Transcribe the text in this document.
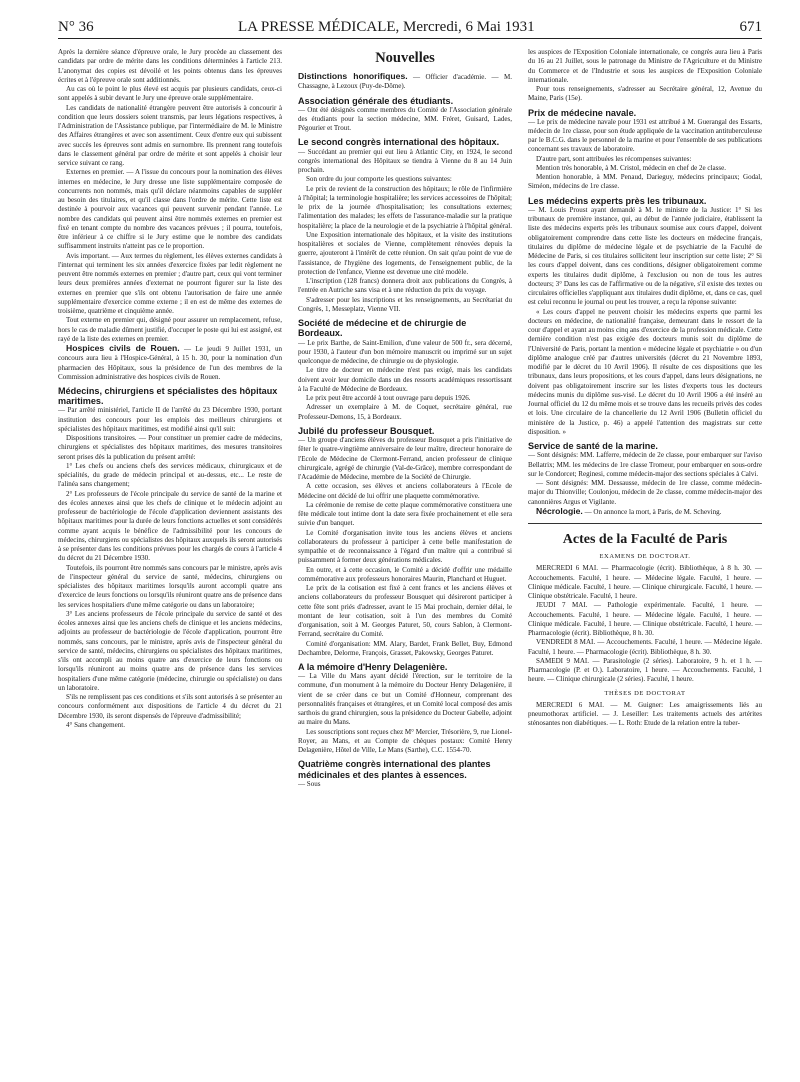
N° 36	LA PRESSE MÉDICALE, Mercredi, 6 Mai 1931	671

Après la dernière séance d'épreuve orale, le Jury procède au classement des candidats par ordre de mérite dans les conditions déterminées à l'article 213. L'anonymat des copies est dévoilé et les points obtenus dans les épreuves écrites et à l'épreuve orale sont additionnés.

Au cas où le point le plus élevé est acquis par plusieurs candidats, ceux-ci sont appelés à subir devant le Jury une épreuve orale supplémentaire.

Les candidats de nationalité étrangère peuvent être autorisés à concourir à condition que leurs dossiers soient transmis, par leurs légations respectives, à l'Administration de l'Assistance publique, par l'intermédiaire de M. le Ministre des Affaires étrangères et avec son assentiment. Ceux d'entre eux qui subissent avec succès les épreuves sont admis en surnombre. Ils prennent rang toutefois dans le classement général par ordre de mérite et sont appelés à choisir leur service suivant ce rang.

Externes en premier. — A l'issue du concours pour la nomination des élèves internes en médecine, le Jury dresse une liste supplémentaire composée de concurrents non nommés, mais qu'il déclare néanmoins capables de suppléer au besoin des titulaires, et qu'il classe dans l'ordre de mérite. Cette liste est destinée à pourvoir aux vacances qui peuvent survenir pendant l'année. Le nombre des candidats qui peuvent ainsi être nommés externes en premier est fixé en tenant compte du nombre des vacances prévues ; il pourra, toutefois, être inférieur à ce chiffre si le Jury estime que le nombre des candidats suffisamment instruits n'atteint pas ce le proportion.

Avis important. — Aux termes du règlement, les élèves externes candidats à l'internat qui terminent les six années d'exercice fixées par ledit règlement ne peuvent être nommés externes en premier ; d'autre part, ceux qui vont terminer leurs deux premières années d'externat ne pourront figurer sur la liste des externes en premier que s'ils ont obtenu l'autorisation de faire une année supplémentaire d'exercice comme externe ; il en est de même des externes de troisième, quatrième et cinquième année.

Tout externe en premier qui, désigné pour assurer un remplacement, refuse, hors le cas de maladie dûment justifié, d'occuper le poste qui lui est assigné, est rayé de la liste des externes en premier.

Hospices civils de Rouen. — Le jeudi 9 Juillet 1931, un concours aura lieu à l'Hospice-Général, à 15 h. 30, pour la nomination d'un pharmacien des Hôpitaux, sous la présidence de l'un des membres de la Commission administrative des hospices civils de Rouen.

Médecins, chirurgiens et spécialistes des hôpitaux maritimes.

— Par arrêté ministériel, l'article II de l'arrêté du 23 Décembre 1930, portant institution des concours pour les emplois des meilleurs chirurgiens et spécialistes des hôpitaux maritimes, est modifié ainsi qu'il suit:

Dispositions transitoires. — Pour constituer un premier cadre de médecins, chirurgiens et spécialistes des hôpitaux maritimes, des mesures transitoires seront prises dès la publication du présent arrêté:

1° Les chefs ou anciens chefs des services médicaux, chirurgicaux et de spécialités, du grade de médecin principal et au-dessus, etc... Le reste de l'alinéa sans changement;

2° Les professeurs de l'école principale du service de santé de la marine et des écoles annexes ainsi que les chefs de clinique et le médecin adjoint au professeur de bactériologie de l'école d'application deviennent assistants des hôpitaux maritimes pour la durée de leurs fonctions actuelles et sont considérés comme ayant acquis le bénéfice de l'admissibilité pour les concours de médecins, chirurgiens ou spécialistes des hôpitaux auxquels ils seront autorisés à se présenter dans les conditions prévues pour les chargés de cours à l'article 4 du décret du 21 Décembre 1930.

Toutefois, ils pourront être nommés sans concours par le ministre, après avis de l'inspecteur général du service de santé, médecins, chirurgiens ou spécialistes des hôpitaux maritimes lorsqu'ils auront accompli quatre ans d'exercice de leurs fonctions ou lorsqu'ils réuniront quatre ans de présence dans les services hospitaliers d'une même catégorie ou dans un laboratoire;

3° Les anciens professeurs de l'école principale du service de santé et des écoles annexes ainsi que les anciens chefs de clinique et les anciens médecins, adjoints au professeur de bactériologie de l'école d'application, pourront être nommés, sans concours, par le ministre, après avis de l'inspecteur général du service de santé, médecins, chirurgiens ou spécialistes des hôpitaux maritimes, s'ils ont accompli au moins quatre ans d'exercice de leurs fonctions ou lorsqu'ils réuniront au moins quatre ans de présence dans les services hospitaliers d'une même catégorie (médecine, chirurgie ou spécialiste) ou dans un laboratoire.

S'ils ne remplissent pas ces conditions et s'ils sont autorisés à se présenter au concours conformément aux dispositions de l'article 4 du décret du 21 Décembre 1930, ils seront dispensés de l'épreuve d'admissibilité;

4° Sans changement.

Nouvelles

Distinctions honorifiques. — Officier d'académie. — M. Chassagne, à Lezoux (Puy-de-Dôme).

Association générale des étudiants.

— Ont été désignés comme membres du Comité de l'Association générale des étudiants pour la section médecine, MM. Fréret, Guisard, Lades, Pégourier et Trout.

Le second congrès international des hôpitaux.

— Succédant au premier qui eut lieu à Atlantic City, en 1924, le second congrès international des Hôpitaux se tiendra à Vienne du 8 au 14 Juin prochain.

Son ordre du jour comporte les questions suivantes:

Le prix de revient de la construction des hôpitaux; le rôle de l'infirmière à l'hôpital; la terminologie hospitalière; les services accessoires de l'hôpital; le prix de la journée d'hospitalisation; les consultations externes; l'alimentation des malades; les effets de l'assurance-maladie sur la pratique hospitalière; la place de la neurologie et de la psychiatrie à l'hôpital général.

Une Exposition internationale des hôpitaux, et la visite des institutions hospitalières et sociales de Vienne, complètement rénovées depuis la guerre, ajouteront à l'intérêt de cette réunion. On sait qu'au point de vue de l'assistance, de l'hygiène des logements, de l'enseignement public, de la protection de l'enfance, Vienne est devenue une cité modèle.

L'inscription (128 francs) donnera droit aux publications du Congrès, à l'entrée en Autriche sans visa et à une réduction du prix du voyage.

S'adresser pour les inscriptions et les renseignements, au Secrétariat du Congrès, 1, Messeplatz, Vienne VII.

Société de médecine et de chirurgie de Bordeaux.

— Le prix Barthe, de Saint-Emilion, d'une valeur de 500 fr., sera décerné, pour 1930, à l'auteur d'un bon mémoire manuscrit ou imprimé sur un sujet quelconque de médecine, de chirurgie ou de physiologie.

Le titre de docteur en médecine n'est pas exigé, mais les candidats doivent avoir leur domicile dans un des ressorts académiques ressortissant à la Faculté de Médecine de Bordeaux.

Le prix peut être accordé à tout ouvrage paru depuis 1926.

Adresser un exemplaire à M. de Coquet, secrétaire général, rue Professeur-Demons, 15, à Bordeaux.

Jubilé du professeur Bousquet.

— Un groupe d'anciens élèves du professeur Bousquet a pris l'initiative de fêter le quatre-vingtième anniversaire de leur maître, directeur honoraire de l'Ecole de Médecine de Clermont-Ferrand, ancien professeur de clinique chirurgicale, agrégé de chirurgie (Val-de-Grâce), membre correspondant de l'Académie de Médecine, membre de la Société de Chirurgie.

A cette occasion, ses élèves et anciens collaborateurs à l'Ecole de Médecine ont décidé de lui offrir une plaquette commémorative.

La cérémonie de remise de cette plaque commémorative constituera une fête médicale tout intime dont la date sera fixée prochainement et elle sera suivie d'un banquet.

Le Comité d'organisation invite tous les anciens élèves et anciens collaborateurs du professeur à participer à cette belle manifestation de sympathie et de reconnaissance à l'égard d'un maître qui a contribué si puissamment à former deux générations médicales.

En outre, et à cette occasion, le Comité a décidé d'offrir une médaille commémorative aux professeurs honoraires Maurin, Planchard et Huguet.

Le prix de la cotisation est fixé à cent francs et les anciens élèves et anciens collaborateurs du professeur Bousquet qui désireront participer à cette fête sont priés d'adresser, avant le 15 Mai prochain, dernier délai, le montant de leur cotisation, soit à l'un des membres du Comité d'organisation, soit à M. Georges Paturet, 50, cours Sablon, à Clermont-Ferrand, secrétaire du Comité.

Comité d'organisation: MM. Alary, Bardet, Frank Bellet, Buy, Edmond Dechambre, Delorme, François, Grasset, Pakowsky, Georges Paturet.

A la mémoire d'Henry Delagenière.

— La Ville du Mans ayant décidé l'érection, sur le territoire de la commune, d'un monument à la mémoire du Docteur Henry Delagenière, il vient de se créer dans ce but un Comité d'Honneur, comprenant des personnalités françaises et étrangères, et un Comité local composé des amis sarthois du grand chirurgien, sous la présidence du Docteur Gabelle, adjoint au maire du Mans.

Les souscriptions sont reçues chez M° Mercier, Trésorière, 9, rue Lionel-Royer, au Mans, et au Compte de chèques postaux: Comité Henry Delagenière, Hôtel de Ville, Le Mans (Sarthe), C.C. 1554-70.

Quatrième congrès international des plantes médicinales et des plantes à essences.

— Sous

les auspices de l'Exposition Coloniale internationale, ce congrès aura lieu à Paris du 16 au 21 Juillet, sous le patronage du Ministre de l'Agriculture et du Ministre du Commerce et de l'Industrie et sous les auspices de l'Exposition Coloniale internationale.

Pour tous renseignements, s'adresser au Secrétaire général, 12, Avenue du Maine, Paris (15e).

Prix de médecine navale.

— Le prix de médecine navale pour 1931 est attribué à M. Guerangal des Essarts, médecin de 1re classe, pour son étude appliquée de la vaccination antituberculeuse par le B.C.G. dans le personnel de la marine et pour l'ensemble de ses publications concernant ses travaux de laboratoire.

D'autre part, sont attribuées les récompenses suivantes:

Mention très honorable, à M. Cristol, médecin en chef de 2e classe.

Mention honorable, à MM. Penaud, Darieguy, médecins principaux; Godal, Siméon, médecins de 1re classe.

Les médecins experts près les tribunaux.

— M. Louis Proust ayant demandé à M. le ministre de la Justice: 1° Si les tribunaux de première instance, qui, au début de l'année judiciaire, établissent la liste des médecins experts près les tribunaux soumise aux cours d'appel, doivent obligatoirement comprendre dans cette liste les docteurs en médecine français, titulaires du diplôme de médecine légale et de psychiatrie de la Faculté de Médecine de Paris, si ces titulaires sollicitent leur inscription sur cette liste; 2° Si les cours d'appel doivent, dans ces conditions, désigner obligatoirement comme experts les titulaires dudit diplôme, à l'exclusion ou non de tous les autres docteurs; 3° Dans les cas de l'affirmative ou de la négative, s'il existe des textes ou circulaires officielles s'appliquant aux titulaires dudit diplôme, et, dans ce cas, quel est celui reconnu le journal ou peut les trouver, a reçu la réponse suivante:

« Les cours d'appel ne peuvent choisir les médecins experts que parmi les docteurs en médecine, de nationalité française, demeurant dans le ressort de la cour d'appel et ayant au moins cinq ans d'exercice de la profession médicale. Cette dernière condition n'est pas exigée des docteurs munis soit du diplôme de l'Université de Paris, portant la mention « médecine légale et psychiatrie » ou d'un diplôme analogue créé par d'autres universités (décret du 21 Novembre 1893, modifié par le décret du 10 Avril 1906). Il résulte de ces dispositions que les tribunaux, dans leurs propositions, et les cours d'appel, dans leurs désignations, ne doivent pas obligatoirement inscrire sur les listes d'experts tous les docteurs médecins munis du diplôme sus-visé. Le décret du 10 Avril 1906 a été inséré au Journal officiel du 12 du même mois et se trouve dans les recueils privés des codes et lois. Une circulaire de la chancellerie du 12 Avril 1906 (Bulletin officiel du ministère de la Justice, p. 46) a appelé l'attention des magistrats sur cette disposition. »

Service de santé de la marine.

— Sont désignés: MM. Lafferre, médecin de 2e classe, pour embarquer sur l'aviso Bellatrix; MM. les médecins de 1re classe Tromeur, pour embarquer en sous-ordre sur le Condorcet; Reginesi, comme médecin-major des sections spéciales à Calvi.

— Sont désignés: MM. Dessausse, médecin de 1re classe, comme médecin-major du Thionville; Coulonjou, médecin de 2e classe, comme médecin-major des canonnières Argus et Vigilante.

Nécrologie. — On annonce la mort, à Paris, de M. Scheving.

Actes de la Faculté de Paris
EXAMENS DE DOCTORAT.

MERCREDI 6 MAI. — Pharmacologie (écrit). Bibliothèque, à 8 h. 30. — Accouchements. Faculté, 1 heure. — Médecine légale. Faculté, 1 heure. — Clinique médicale. Faculté, 1 heure. — Clinique chirurgicale. Faculté, 1 heure. — Clinique obstétricale. Faculté, 1 heure.

JEUDI 7 MAI. — Pathologie expérimentale. Faculté, 1 heure. — Accouchements. Faculté, 1 heure. — Médecine légale. Faculté, 1 heure. — Clinique médicale. Faculté, 1 heure. — Clinique obstétricale. Faculté, 1 heure. — Pharmacologie (écrit). Bibliothèque, 8 h. 30.

VENDREDI 8 MAI. — Accouchements. Faculté, 1 heure. — Médecine légale. Faculté, 1 heure. — Pharmacologie (écrit). Bibliothèque, 8 h. 30.

SAMEDI 9 MAI. — Parasitologie (2 séries). Laboratoire, 9 h. et 1 h. — Pharmacologie (P. et O.). Laboratoire, 1 heure. — Accouchements. Faculté, 1 heure. — Clinique chirurgicale (2 séries). Faculté, 1 heure.

THÈSES DE DOCTORAT

MERCREDI 6 MAI. — M. Guigner: Les amaigrissements liés au pneumothorax artificiel. — J. Leseiller: Les traitements actuels des artérites sténosantes non diabétiques. — L. Roth: Etude de la relation entre la tuber-
